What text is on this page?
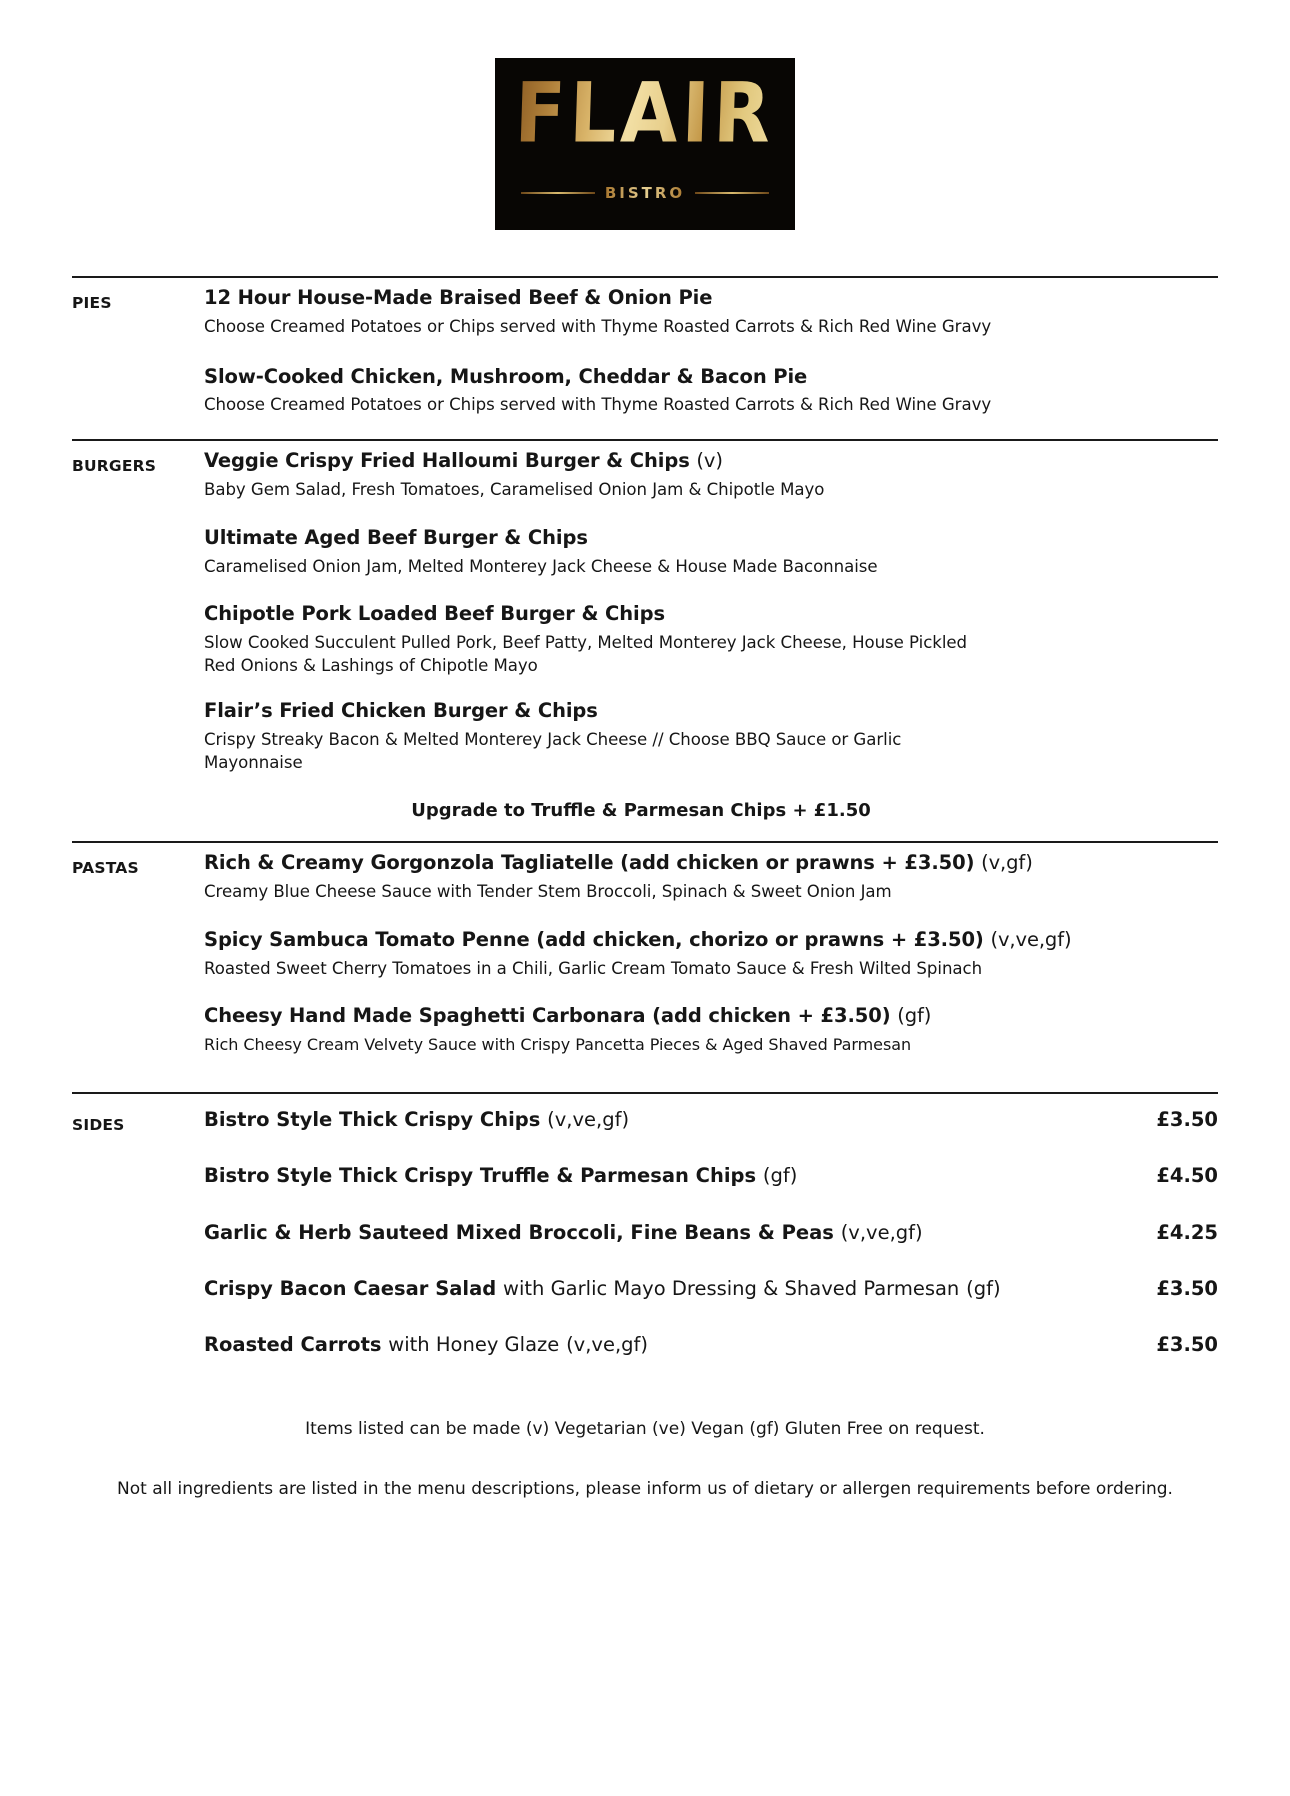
FLAIR
BISTRO
PIES	12 Hour House-Made Braised Beef & Onion Pie
Choose Creamed Potatoes or Chips served with Thyme Roasted Carrots & Rich Red Wine Gravy
Slow-Cooked Chicken, Mushroom, Cheddar & Bacon Pie
Choose Creamed Potatoes or Chips served with Thyme Roasted Carrots & Rich Red Wine Gravy
BURGERS	Veggie Crispy Fried Halloumi Burger & Chips (v)
Baby Gem Salad, Fresh Tomatoes, Caramelised Onion Jam & Chipotle Mayo
Ultimate Aged Beef Burger & Chips
Caramelised Onion Jam, Melted Monterey Jack Cheese & House Made Baconnaise
Chipotle Pork Loaded Beef Burger & Chips
Slow Cooked Succulent Pulled Pork, Beef Patty, Melted Monterey Jack Cheese, House Pickled Red Onions & Lashings of Chipotle Mayo
Flair’s Fried Chicken Burger & Chips
Crispy Streaky Bacon & Melted Monterey Jack Cheese // Choose BBQ Sauce or Garlic Mayonnaise
Upgrade to Truffle & Parmesan Chips + £1.50
PASTAS	Rich & Creamy Gorgonzola Tagliatelle (add chicken or prawns + £3.50) (v,gf)
Creamy Blue Cheese Sauce with Tender Stem Broccoli, Spinach & Sweet Onion Jam
Spicy Sambuca Tomato Penne (add chicken, chorizo or prawns + £3.50) (v,ve,gf)
Roasted Sweet Cherry Tomatoes in a Chili, Garlic Cream Tomato Sauce & Fresh Wilted Spinach
Cheesy Hand Made Spaghetti Carbonara (add chicken + £3.50) (gf)
Rich Cheesy Cream Velvety Sauce with Crispy Pancetta Pieces & Aged Shaved Parmesan
SIDES	Bistro Style Thick Crispy Chips (v,ve,gf)	£3.50
Bistro Style Thick Crispy Truffle & Parmesan Chips (gf)	£4.50
Garlic & Herb Sauteed Mixed Broccoli, Fine Beans & Peas (v,ve,gf)	£4.25
Crispy Bacon Caesar Salad with Garlic Mayo Dressing & Shaved Parmesan (gf)	£3.50
Roasted Carrots with Honey Glaze (v,ve,gf)	£3.50
Items listed can be made (v) Vegetarian (ve) Vegan (gf) Gluten Free on request.
Not all ingredients are listed in the menu descriptions, please inform us of dietary or allergen requirements before ordering.
